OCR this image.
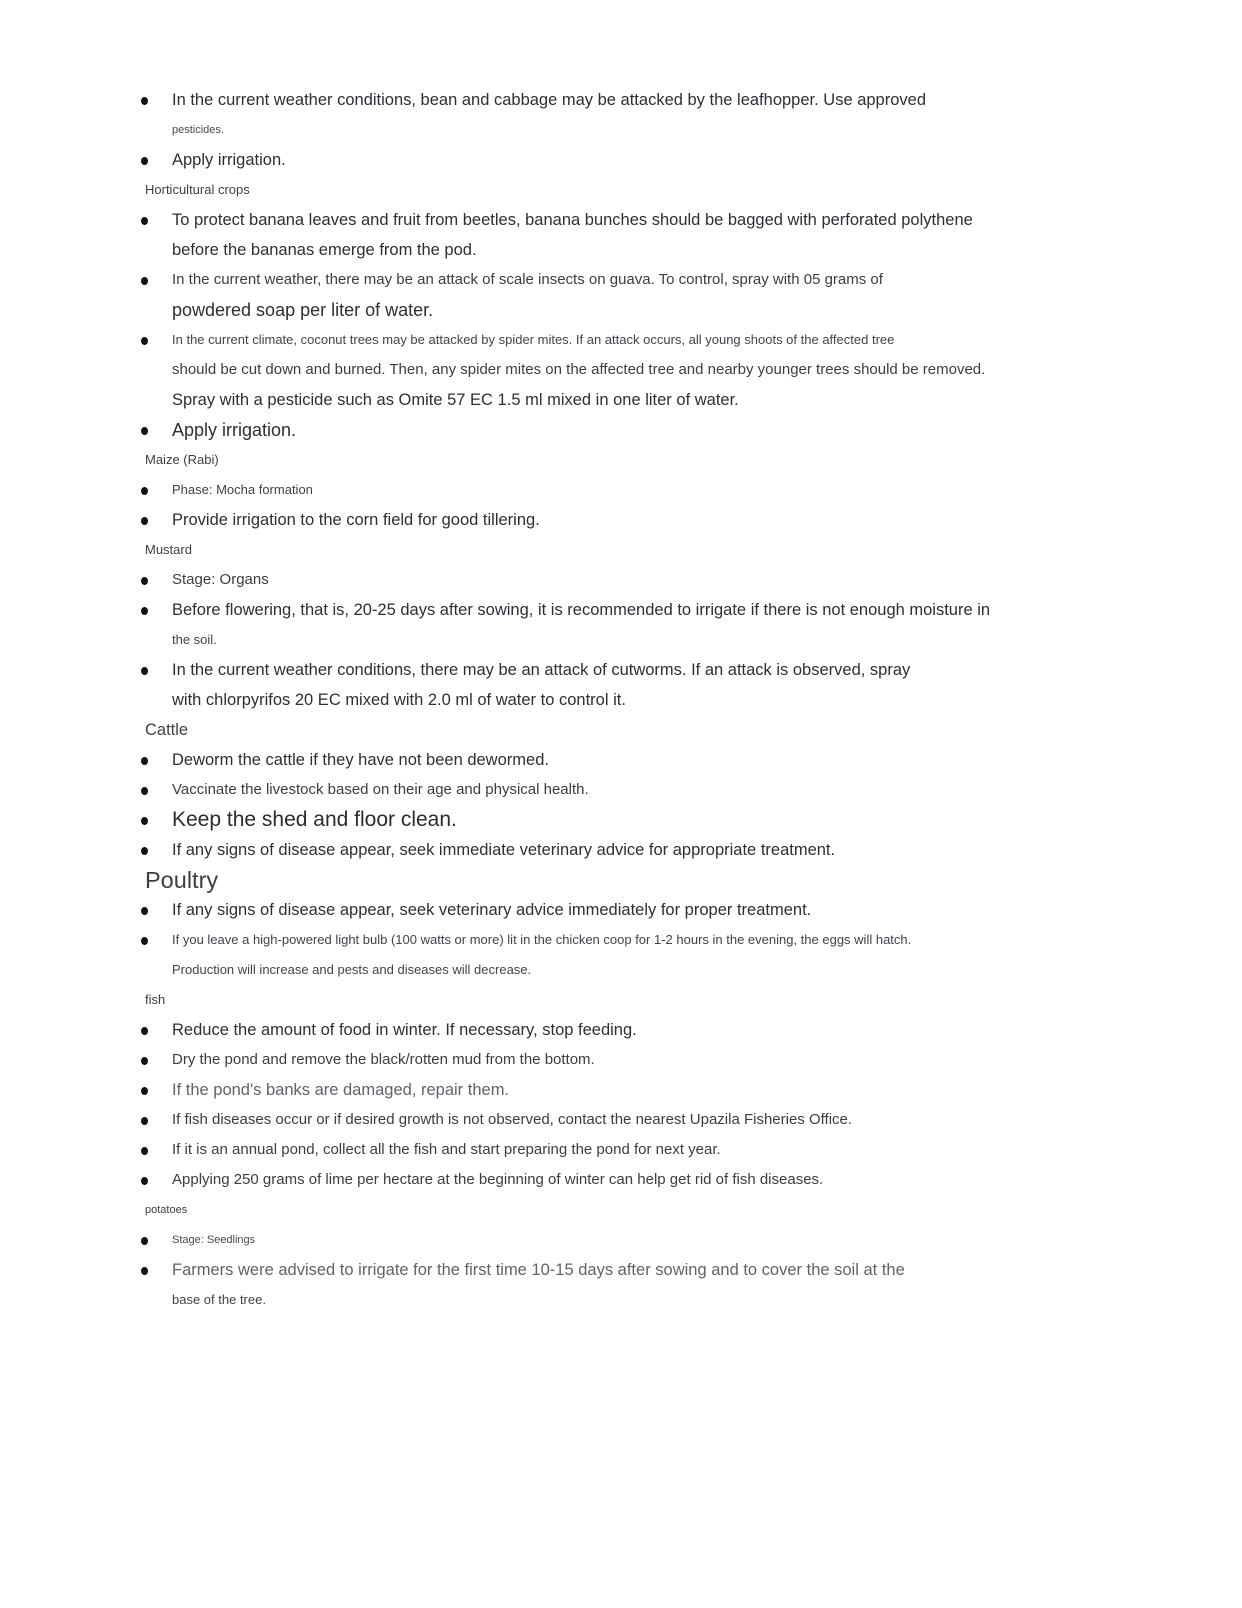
In the current weather conditions, bean and cabbage may be attacked by the leafhopper. Use approved
pesticides.
Apply irrigation.
Horticultural crops
To protect banana leaves and fruit from beetles, banana bunches should be bagged with perforated polythene
before the bananas emerge from the pod.
In the current weather, there may be an attack of scale insects on guava. To control, spray with 05 grams of
powdered soap per liter of water.
In the current climate, coconut trees may be attacked by spider mites. If an attack occurs, all young shoots of the affected tree
should be cut down and burned. Then, any spider mites on the affected tree and nearby younger trees should be removed.
Spray with a pesticide such as Omite 57 EC 1.5 ml mixed in one liter of water.
Apply irrigation.
Maize (Rabi)
Phase: Mocha formation
Provide irrigation to the corn field for good tillering.
Mustard
Stage: Organs
Before flowering, that is, 20-25 days after sowing, it is recommended to irrigate if there is not enough moisture in
the soil.
In the current weather conditions, there may be an attack of cutworms. If an attack is observed, spray
with chlorpyrifos 20 EC mixed with 2.0 ml of water to control it.
Cattle
Deworm the cattle if they have not been dewormed.
Vaccinate the livestock based on their age and physical health.
Keep the shed and floor clean.
If any signs of disease appear, seek immediate veterinary advice for appropriate treatment.
Poultry
If any signs of disease appear, seek veterinary advice immediately for proper treatment.
If you leave a high-powered light bulb (100 watts or more) lit in the chicken coop for 1-2 hours in the evening, the eggs will hatch.
Production will increase and pests and diseases will decrease.
fish
Reduce the amount of food in winter. If necessary, stop feeding.
Dry the pond and remove the black/rotten mud from the bottom.
If the pond's banks are damaged, repair them.
If fish diseases occur or if desired growth is not observed, contact the nearest Upazila Fisheries Office.
If it is an annual pond, collect all the fish and start preparing the pond for next year.
Applying 250 grams of lime per hectare at the beginning of winter can help get rid of fish diseases.
potatoes
Stage: Seedlings
Farmers were advised to irrigate for the first time 10-15 days after sowing and to cover the soil at the
base of the tree.
